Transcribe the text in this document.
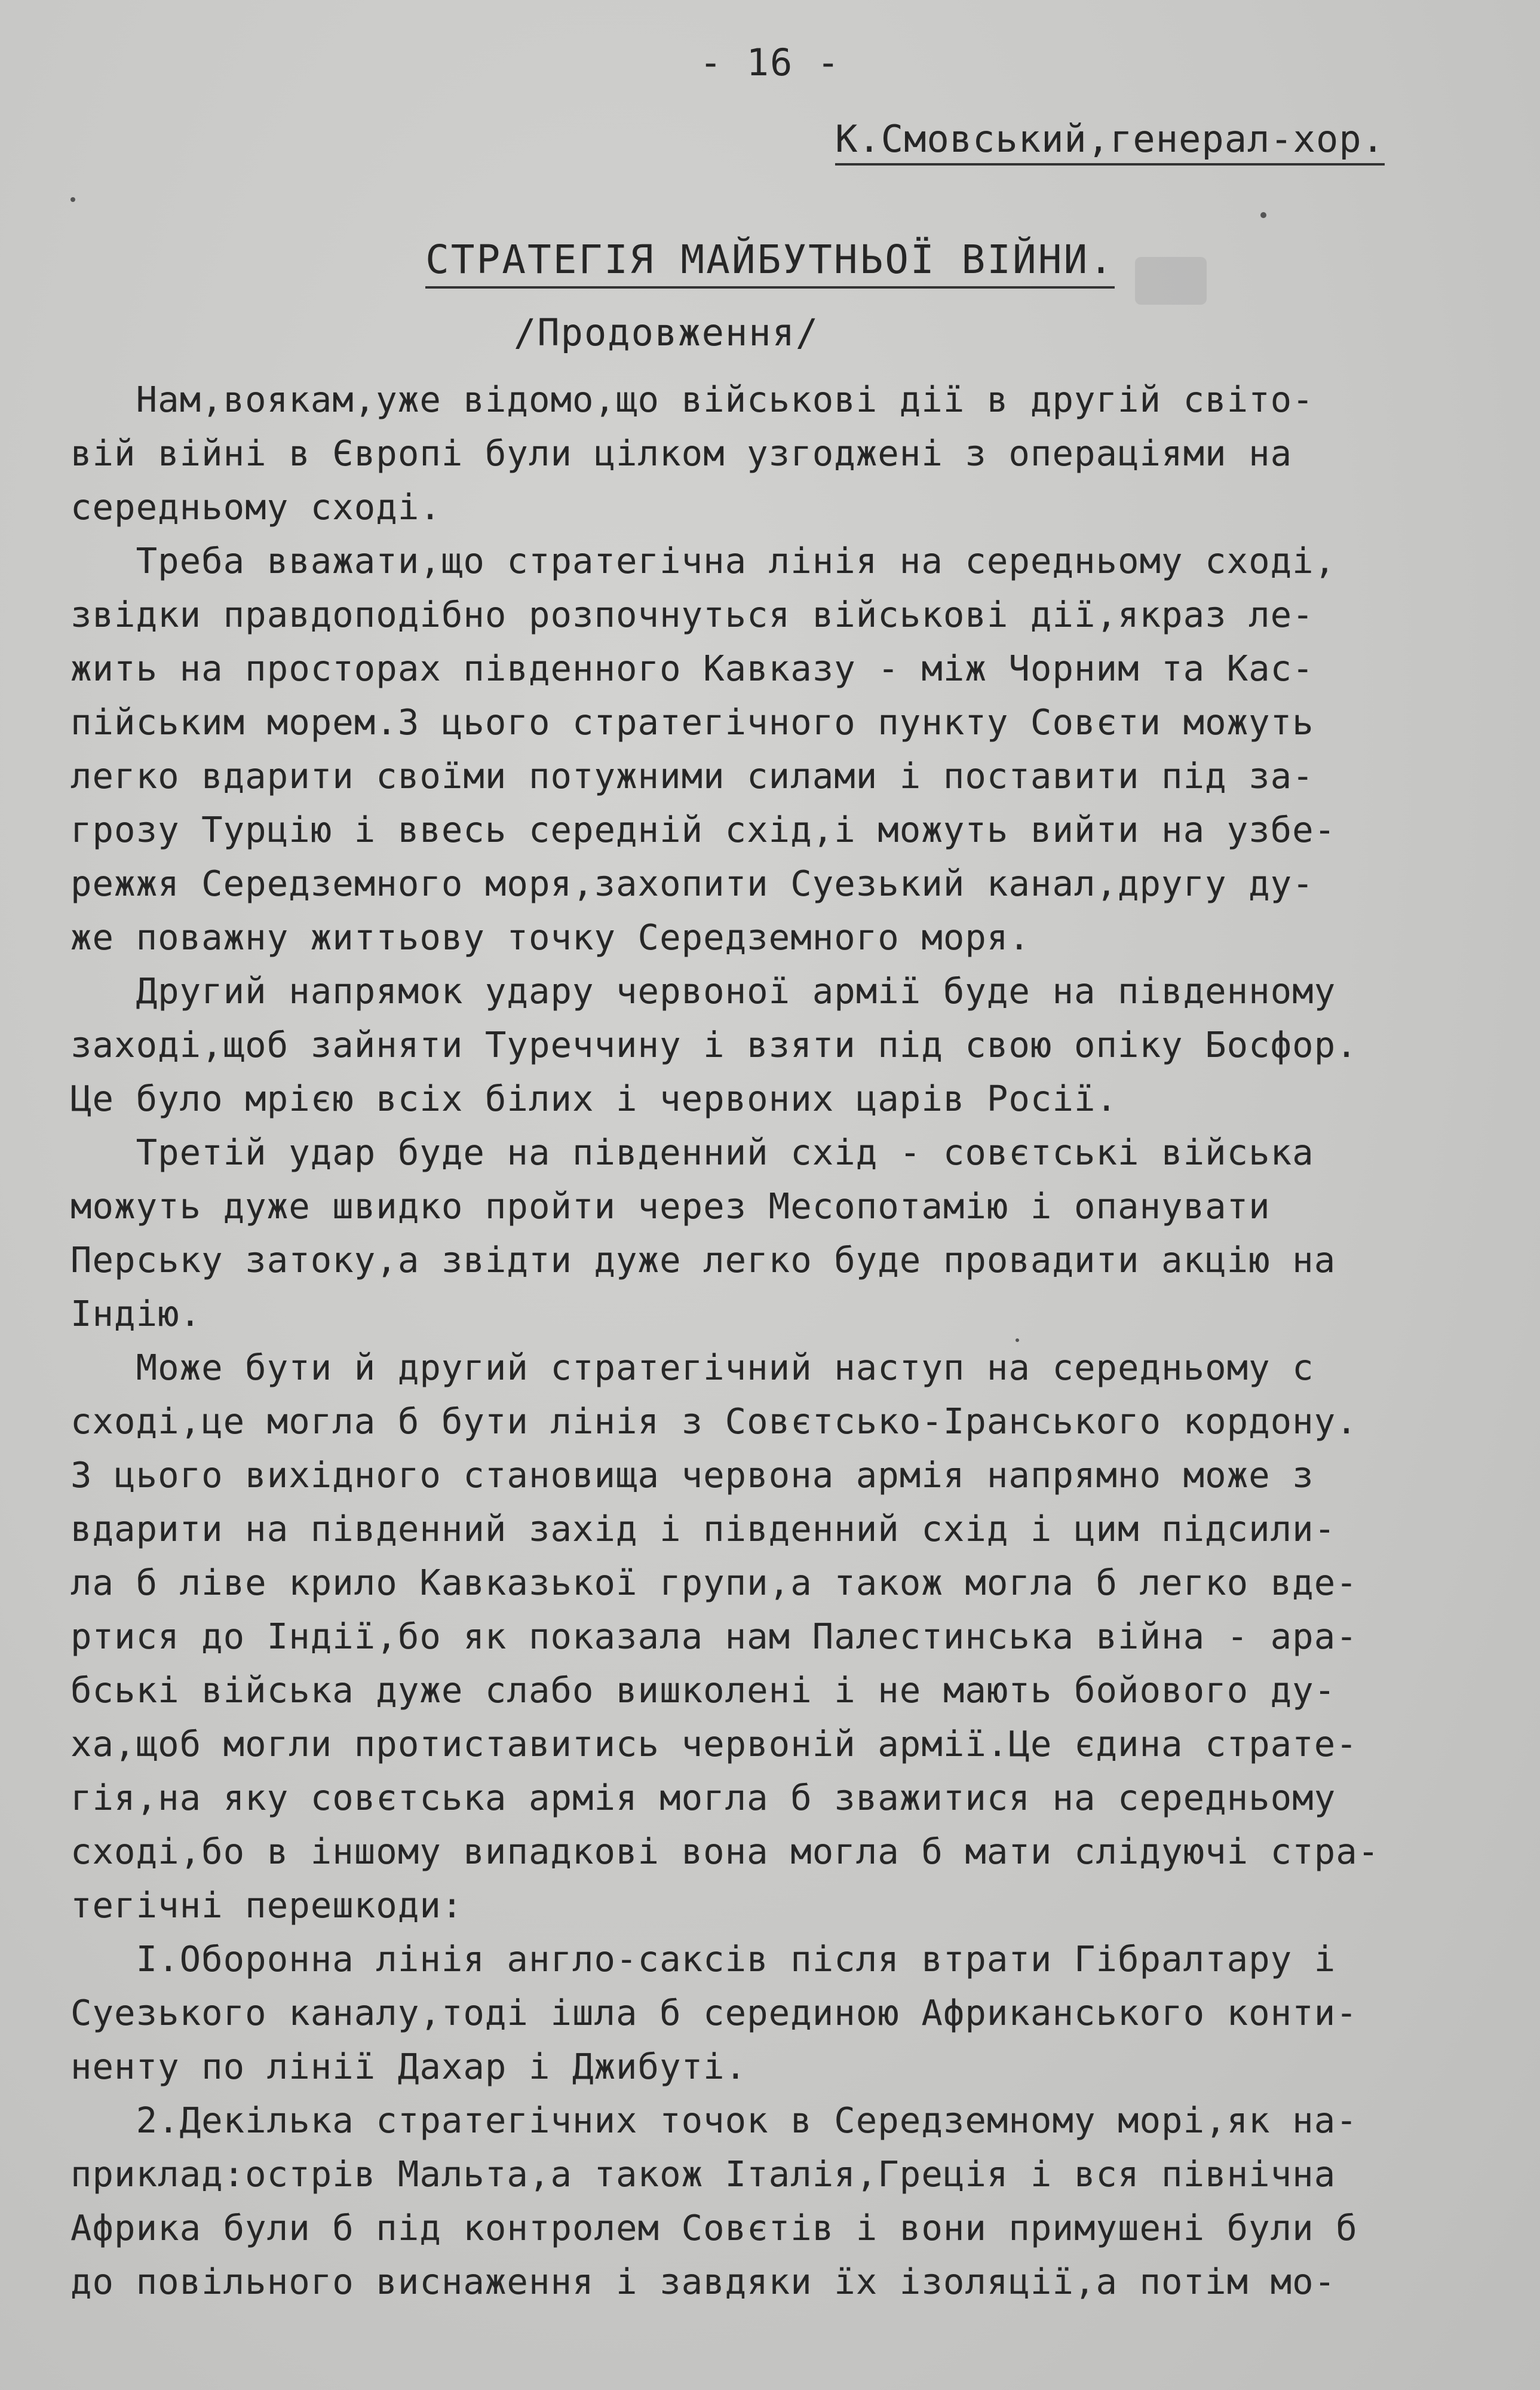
- 16 -
К.Смовський,генерал-хор.
СТРАТЕГІЯ МАЙБУТНЬОЇ ВІЙНИ.
/Продовження/
Нам,воякам,уже відомо,що військові дії в другій світо-
вій війні в Європі були цілком узгоджені з операціями на
середньому сході.
Треба вважати,що стратегічна лінія на середньому сході,
звідки правдоподібно розпочнуться військові дії,якраз ле-
жить на просторах південного Кавказу - між Чорним та Кас-
пійським морем.З цього стратегічного пункту Совєти можуть
легко вдарити своїми потужними силами і поставити під за-
грозу Турцію і ввесь середній схід,і можуть вийти на узбе-
режжя Середземного моря,захопити Суезький канал,другу ду-
же поважну життьову точку Середземного моря.
Другий напрямок удару червоної армії буде на південному
заході,щоб зайняти Туреччину і взяти під свою опіку Босфор.
Це було мрією всіх білих і червоних царів Росії.
Третій удар буде на південний схід - совєтські війська
можуть дуже швидко пройти через Месопотамію і опанувати
Перську затоку,а звідти дуже легко буде провадити акцію на
Індію.
Може бути й другий стратегічний наступ на середньому с
сході,це могла б бути лінія з Совєтсько-Іранського кордону.
З цього вихідного становища червона армія напрямно може з
вдарити на південний захід і південний схід і цим підсили-
ла б ліве крило Кавказької групи,а також могла б легко вде-
ртися до Індії,бо як показала нам Палестинська війна - ара-
бські війська дуже слабо вишколені і не мають бойового ду-
ха,щоб могли протиставитись червоній армії.Це єдина страте-
гія,на яку совєтська армія могла б зважитися на середньому
сході,бо в іншому випадкові вона могла б мати слідуючі стра-
тегічні перешкоди:
І.Оборонна лінія англо-саксів після втрати Гібралтару і
Суезького каналу,тоді ішла б серединою Африканського конти-
ненту по лінії Дахар і Джибуті.
2.Декілька стратегічних точок в Середземному морі,як на-
приклад:острів Мальта,а також Італія,Греція і вся північна
Африка були б під контролем Совєтів і вони примушені були б
до повільного виснаження і завдяки їх ізоляції,а потім мо-
